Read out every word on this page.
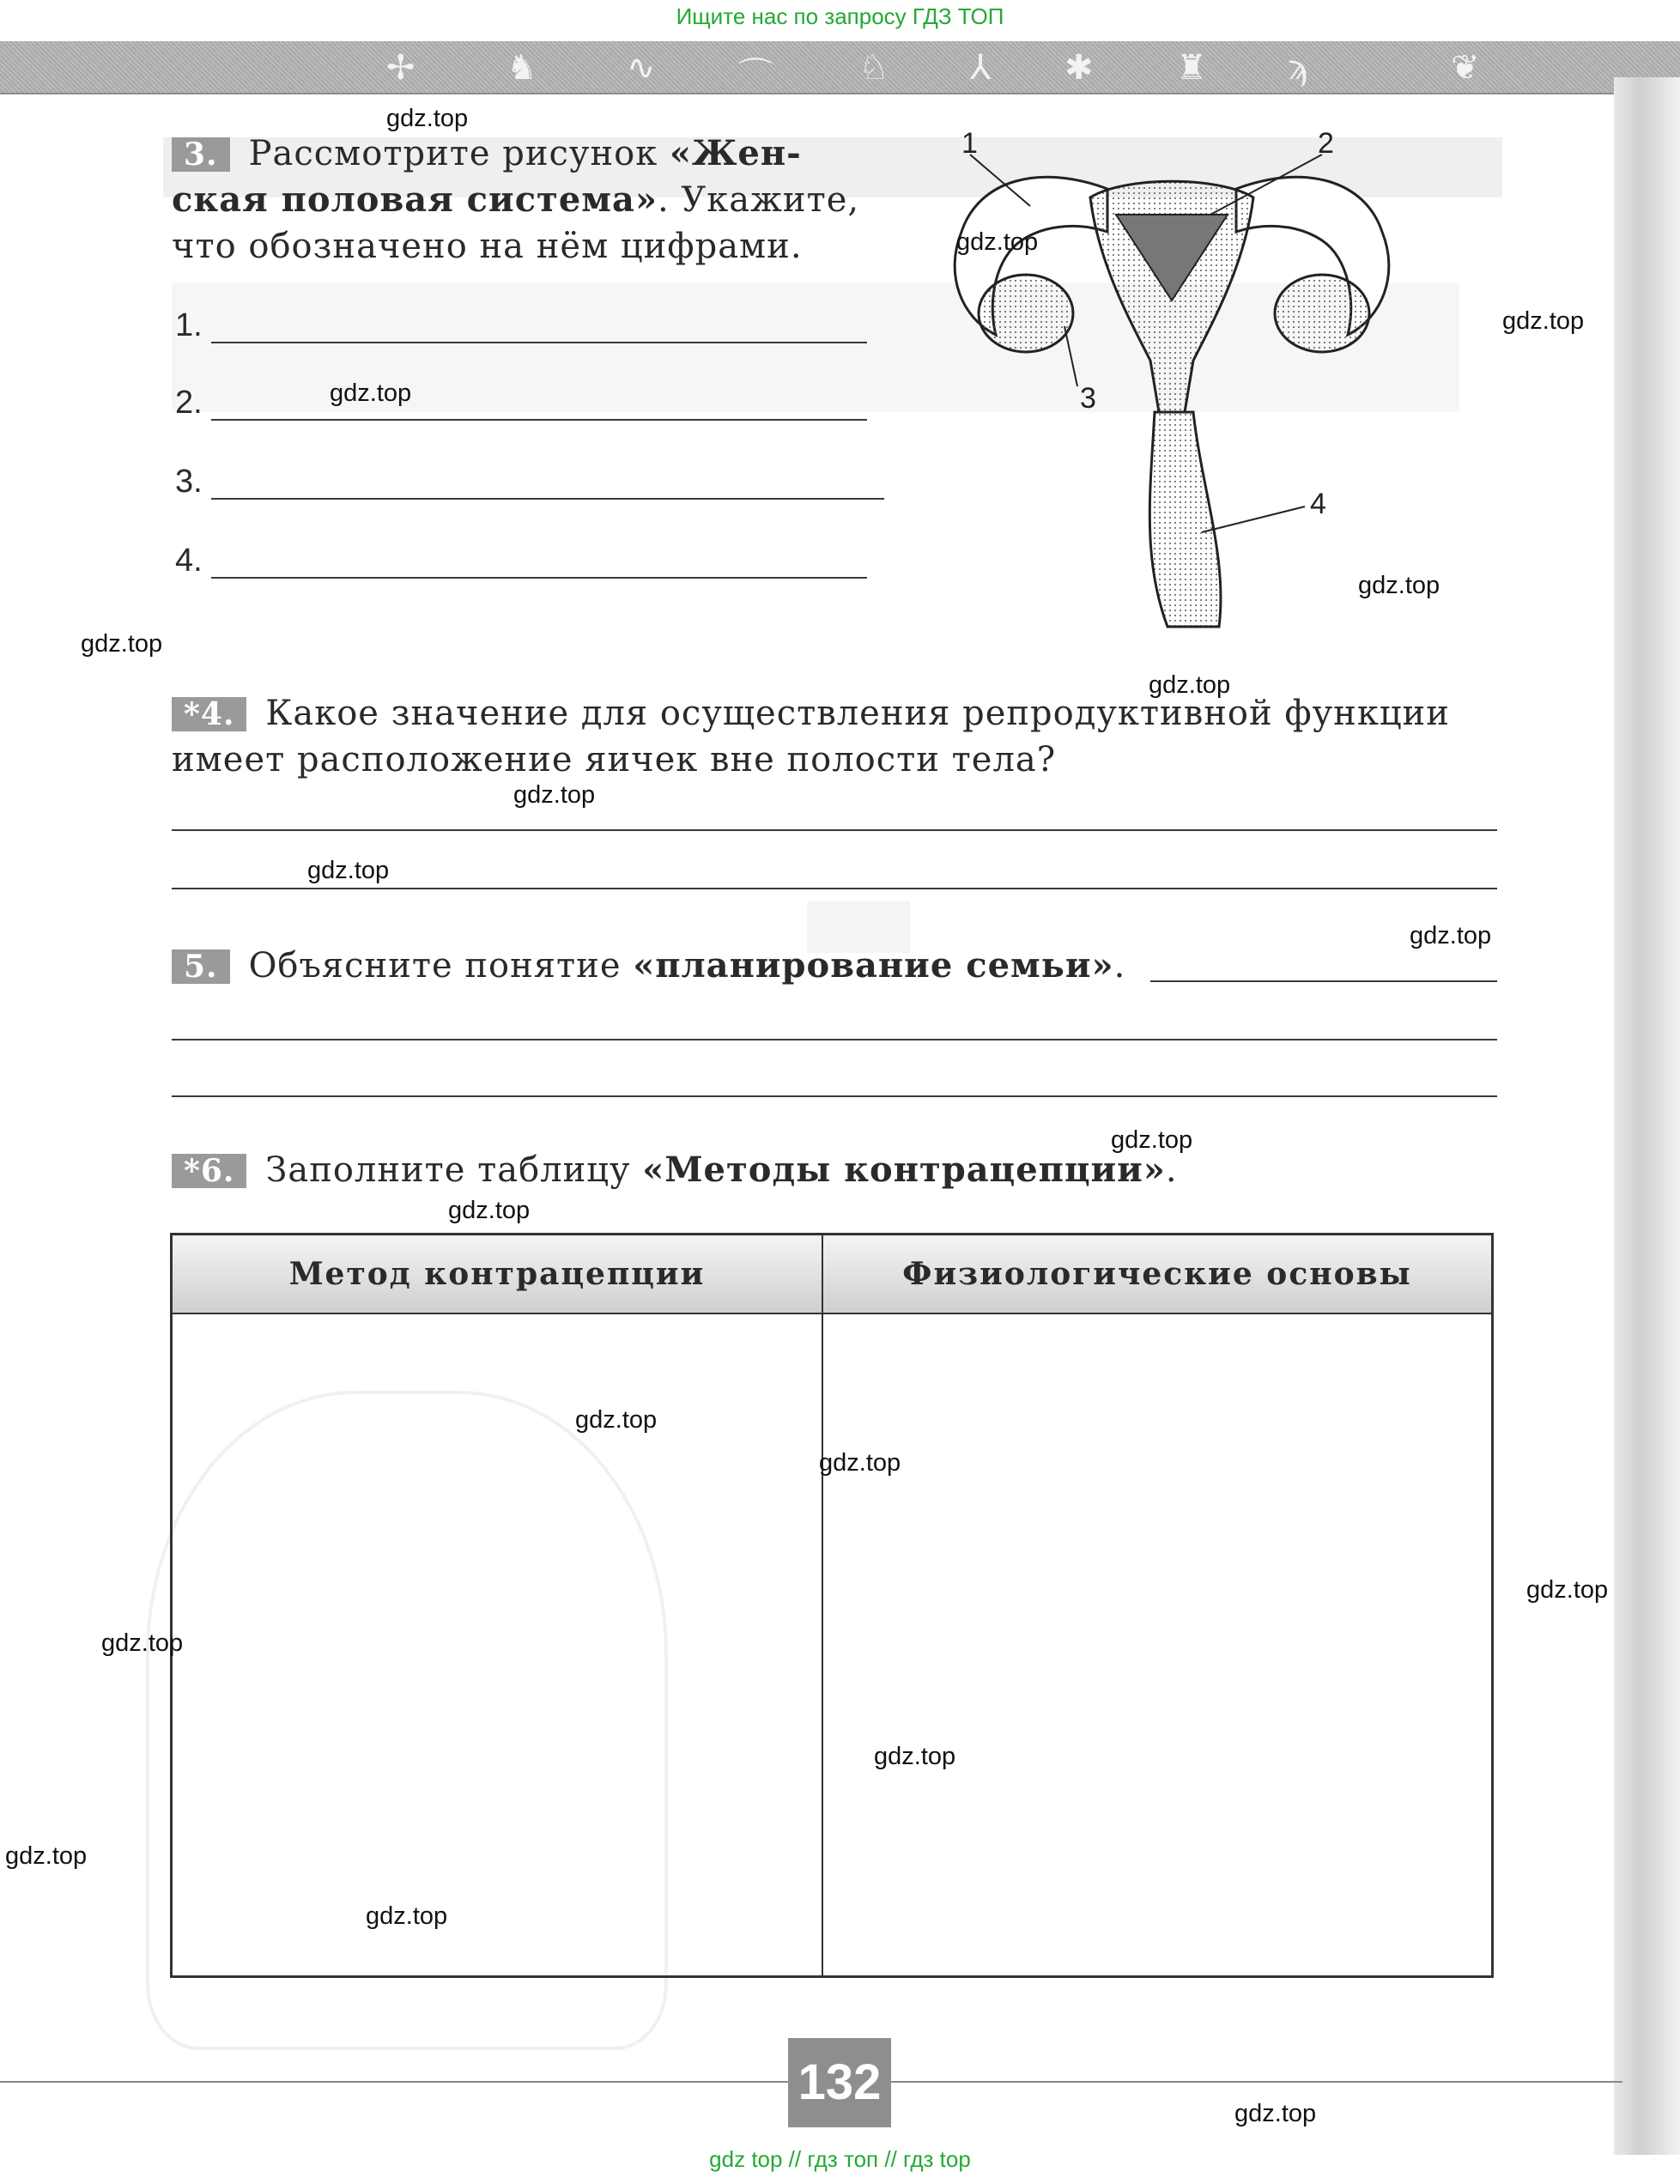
Ищите нас по запросу ГДЗ ТОП
✢	♞	∿ ⌒	♘ ⅄ ✱ ♜ ϡ	❦
3. Рассмотрите рисунок «Жен-
ская половая система». Укажите,
что обозначено на нём цифрами.
1.
2.
3.
4.
1	2
3
4
*4. Какое значение для осуществления репродуктивной функции
имеет расположение яичек вне полости тела?
5. Объясните понятие «планирование семьи».
*6. Заполните таблицу «Методы контрацепции».
Метод контрацепции	Физиологические основы

132
gdz.top
gdz.top
gdz.top
gdz.top
gdz.top
gdz.top
gdz.top
gdz.top
gdz.top
gdz.top
gdz.top
gdz.top
gdz.top
gdz.top
gdz.top
gdz.top
gdz.top
gdz.top
gdz.top
gdz.top
gdz top // гдз топ // гдз top
